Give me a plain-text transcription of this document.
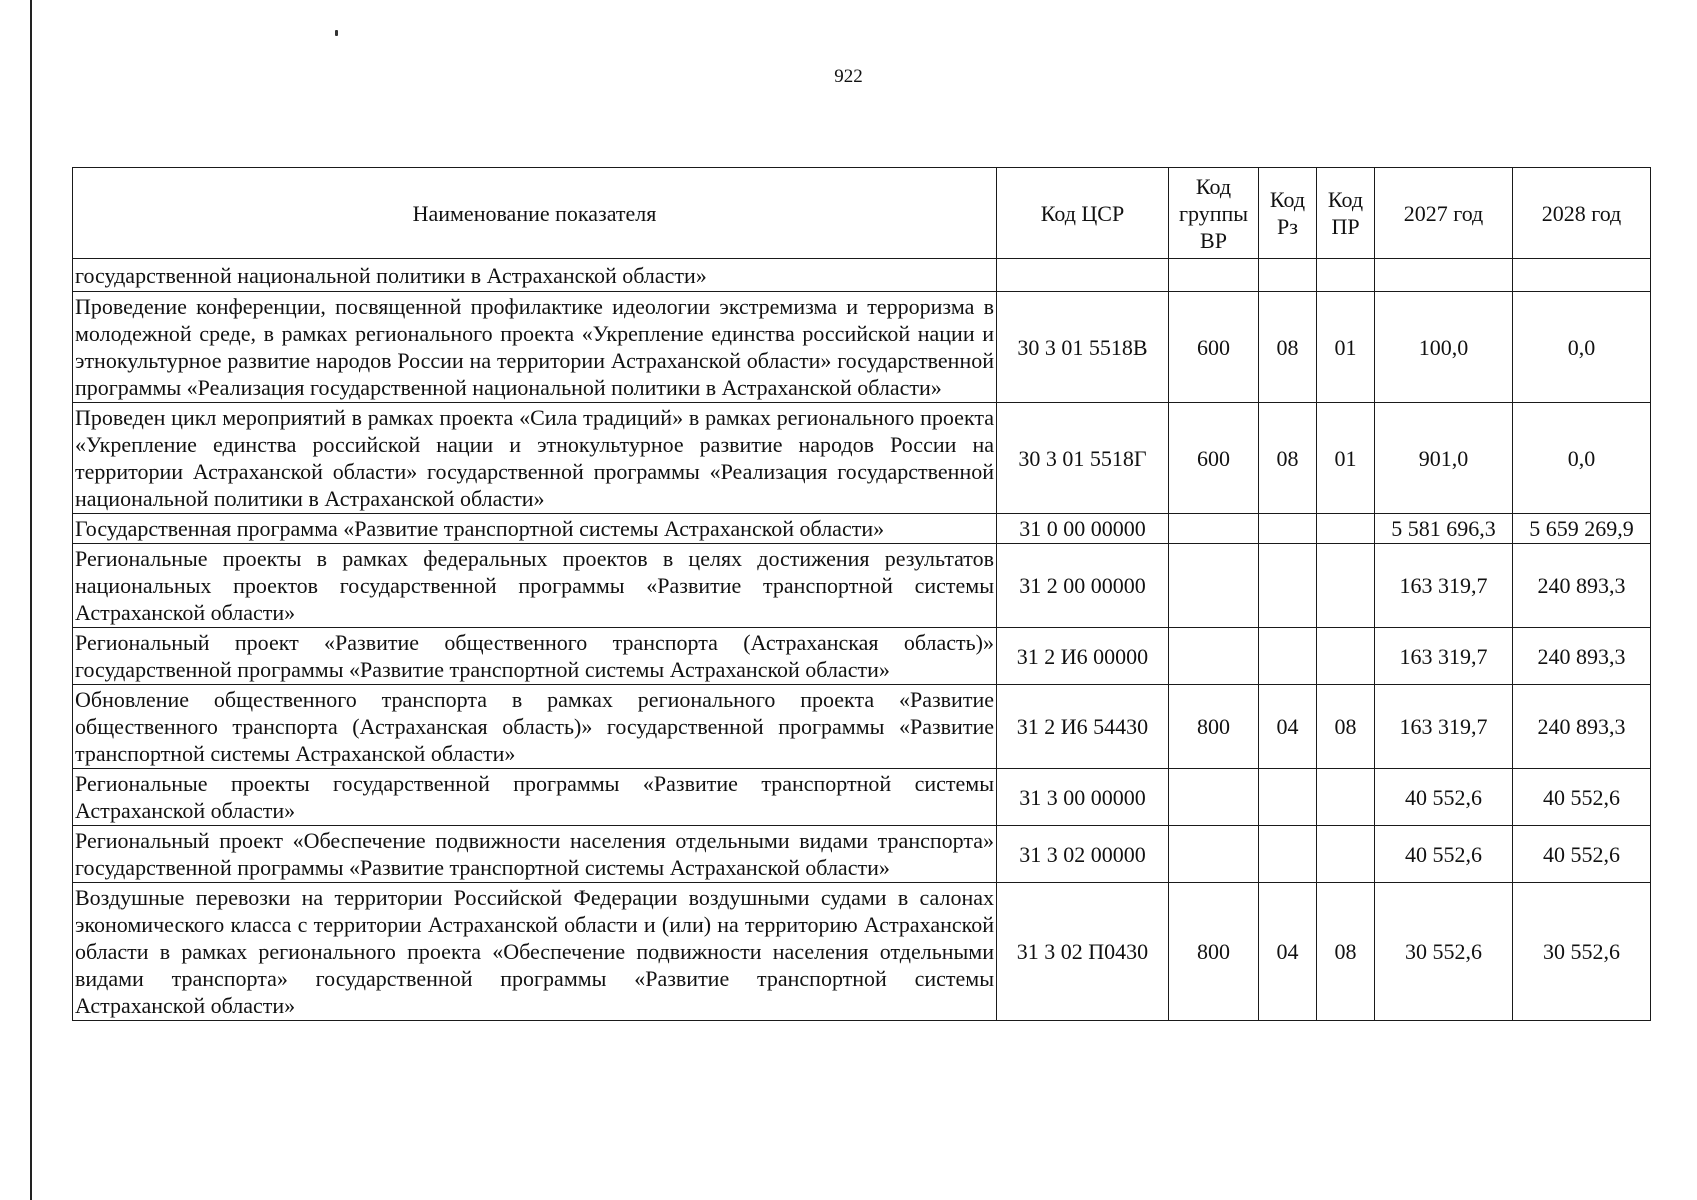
922
Наименование показателя	Код ЦСР	Код группы ВР	Код Рз	Код ПР	2027 год	2028 год
государственной национальной политики в Астраханской области»						
Проведение конференции, посвященной профилактике идеологии экстремизма и терроризма в молодежной среде, в рамках регионального проекта «Укрепление единства российской нации и этнокультурное развитие народов России на территории Астраханской области» государственной программы «Реализация государственной национальной политики в Астраханской области»	30 3 01 5518В	600	08	01	100,0	0,0
Проведен цикл мероприятий в рамках проекта «Сила традиций» в рамках регионального проекта «Укрепление единства российской нации и этнокультурное развитие народов России на территории Астраханской области» государственной программы «Реализация государственной национальной политики в Астраханской области»	30 3 01 5518Г	600	08	01	901,0	0,0
Государственная программа «Развитие транспортной системы Астраханской области»	31 0 00 00000				5 581 696,3	5 659 269,9
Региональные проекты в рамках федеральных проектов в целях достижения результатов национальных проектов государственной программы «Развитие транспортной системы Астраханской области»	31 2 00 00000				163 319,7	240 893,3
Региональный проект «Развитие общественного транспорта (Астраханская область)» государственной программы «Развитие транспортной системы Астраханской области»	31 2 И6 00000				163 319,7	240 893,3
Обновление общественного транспорта в рамках регионального проекта «Развитие общественного транспорта (Астраханская область)» государственной программы «Развитие транспортной системы Астраханской области»	31 2 И6 54430	800	04	08	163 319,7	240 893,3
Региональные проекты государственной программы «Развитие транспортной системы Астраханской области»	31 3 00 00000				40 552,6	40 552,6
Региональный проект «Обеспечение подвижности населения отдельными видами транспорта» государственной программы «Развитие транспортной системы Астраханской области»	31 3 02 00000				40 552,6	40 552,6
Воздушные перевозки на территории Российской Федерации воздушными судами в салонах экономического класса с территории Астраханской области и (или) на территорию Астраханской области в рамках регионального проекта «Обеспечение подвижности населения отдельными видами транспорта» государственной программы «Развитие транспортной системы Астраханской области»	31 3 02 П0430	800	04	08	30 552,6	30 552,6
